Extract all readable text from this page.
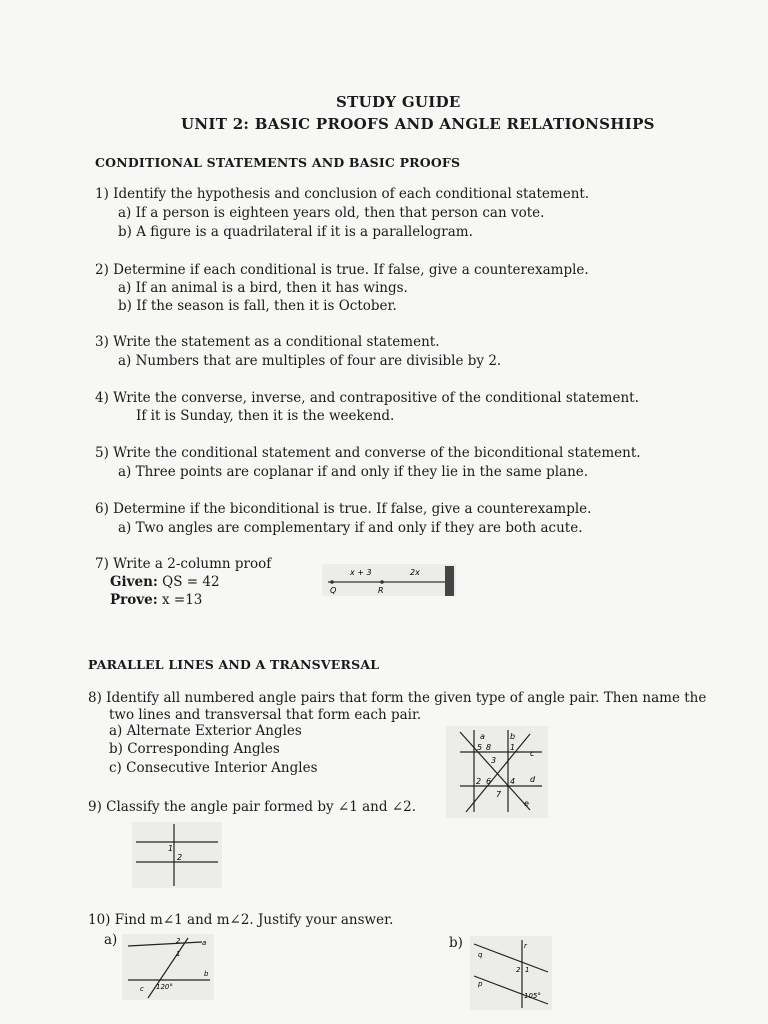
STUDY GUIDE
UNIT 2: BASIC PROOFS AND ANGLE RELATIONSHIPS
CONDITIONAL STATEMENTS AND BASIC PROOFS
1) Identify the hypothesis and conclusion of each conditional statement.
a) If a person is eighteen years old, then that person can vote.
b) A figure is a quadrilateral if it is a parallelogram.
2) Determine if each conditional is true. If false, give a counterexample.
a) If an animal is a bird, then it has wings.
b) If the season is fall, then it is October.
3) Write the statement as a conditional statement.
a) Numbers that are multiples of four are divisible by 2.
4) Write the converse, inverse, and contrapositive of the conditional statement.
If it is Sunday, then it is the weekend.
5) Write the conditional statement and converse of the biconditional statement.
a) Three points are coplanar if and only if they lie in the same plane.
6) Determine if the biconditional is true. If false, give a counterexample.
a) Two angles are complementary if and only if they are both acute.
7) Write a 2-column proof
Given: QS = 42
Prove: x =13
x + 3	2x
Q	R
PARALLEL LINES AND A TRANSVERSAL
8) Identify all numbered angle pairs that form the given type of angle pair. Then name the
two lines and transversal that form each pair.
a) Alternate Exterior Angles
b) Corresponding Angles
c) Consecutive Interior Angles
a	b
c
d
e
5 8 1
3
2 6 4
7
9) Classify the angle pair formed by ∠1 and ∠2.
1
2
10) Find m∠1 and m∠2. Justify your answer.
a)	b)
2
1
a
b
c 120°
r
q
p
2 1
105°
